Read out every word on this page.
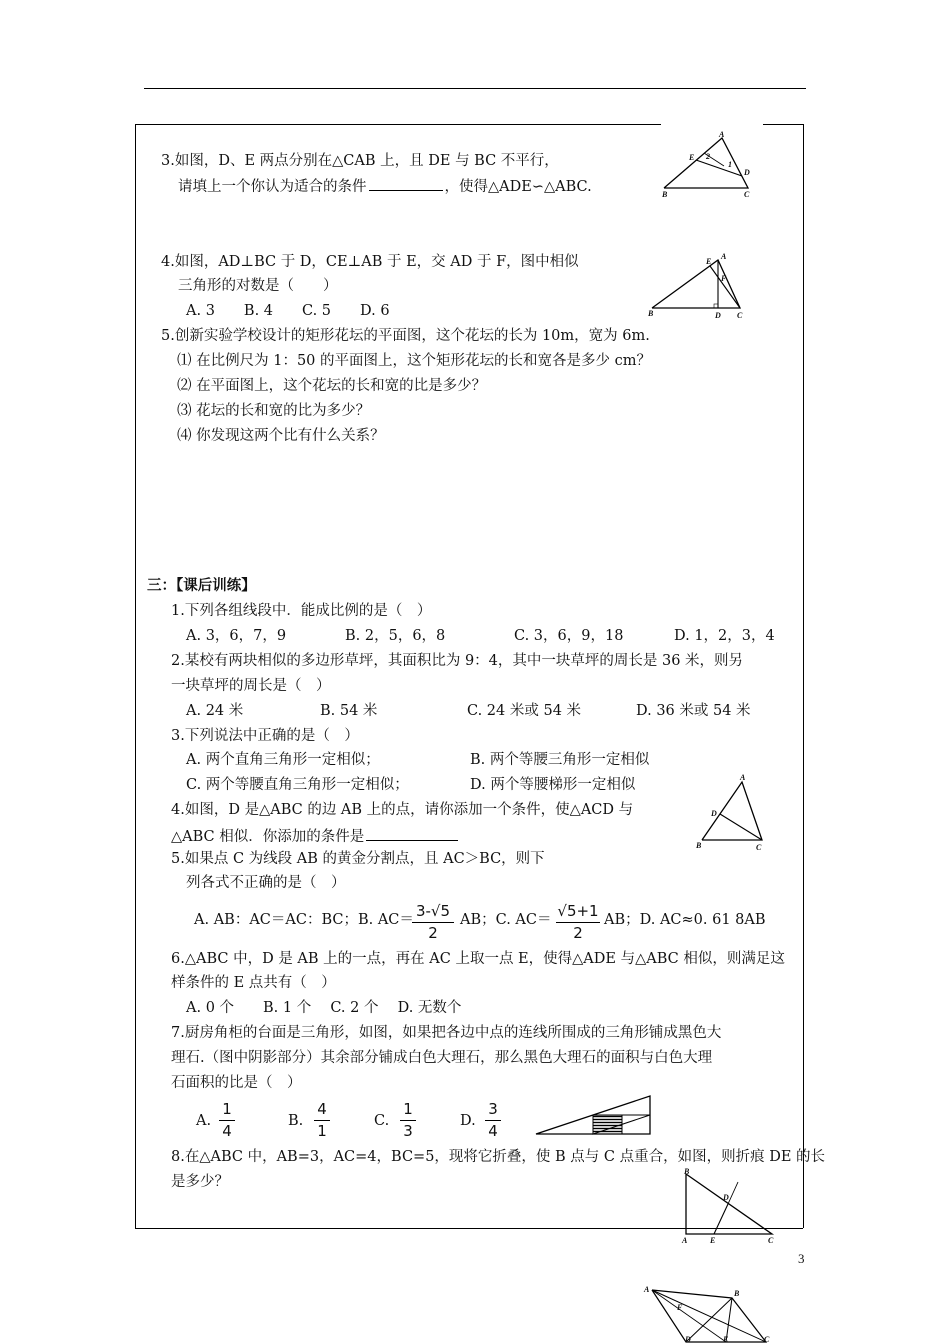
3.如图，D、E 两点分别在△CAB 上，且 DE 与 BC 不平行，
请填上一个你认为适合的条件	，使得△ADE∽△ABC.
A
E 2
1
D
B	C
4.如图，AD⊥BC 于 D，CE⊥AB 于 E，交 AD 于 F，图中相似
三角形的对数是（　　）
A. 3　　B. 4　　C. 5　　D. 6
E
A
F
B	D C
5.创新实验学校设计的矩形花坛的平面图，这个花坛的长为 10m，宽为 6m.
⑴ 在比例尺为 1：50 的平面图上，这个矩形花坛的长和宽各是多少 cm？
⑵ 在平面图上，这个花坛的长和宽的比是多少？
⑶ 花坛的长和宽的比为多少？
⑷ 你发现这两个比有什么关系？
三：【课后训练】
1.下列各组线段中．能成比例的是（　）
A. 3，6，7，9	B. 2，5，6，8	C. 3，6，9，18	D. 1，2，3，4
2.某校有两块相似的多边形草坪，其面积比为 9：4，其中一块草坪的周长是 36 米，则另
一块草坪的周长是（　）
A. 24 米	B. 54 米	C. 24 米或 54 米	D. 36 米或 54 米
3.下列说法中正确的是（　）
A. 两个直角三角形一定相似；	B. 两个等腰三角形一定相似
C. 两个等腰直角三角形一定相似；	D. 两个等腰梯形一定相似
4.如图，D 是△ABC 的边 AB 上的点，请你添加一个条件，使△ACD 与
△ABC 相似．你添加的条件是
A
D
B	C
5.如果点 C 为线段 AB 的黄金分割点，且 AC＞BC，则下
列各式不正确的是（　）
A. AB：AC＝AC：BC；B. AC＝ 3-√5
2
AB；C. AC＝ √5+1
2
AB；D. AC≈0. 61 8AB
6.△ABC 中，D 是 AB 上的一点，再在 AC 上取一点 E，使得△ADE 与△ABC 相似，则满足这
样条件的 E 点共有（　）
A. 0 个　　B. 1 个　 C. 2 个　 D. 无数个
7.厨房角柜的台面是三角形，如图，如果把各边中点的连线所围成的三角形铺成黑色大
理石.（图中阴影部分）其余部分铺成白色大理石，那么黑色大理石的面积与白色大理
石面积的比是（　）
A.
1
4
B.
4
1
C.
1
3
D.
3
4
8.在△ABC 中，AB=3，AC=4，BC=5，现将它折叠，使 B 点与 C 点重合，如图，则折痕 DE 的长
是多少？
B
D
A	E	C
3
A
F
B
D	E	C
